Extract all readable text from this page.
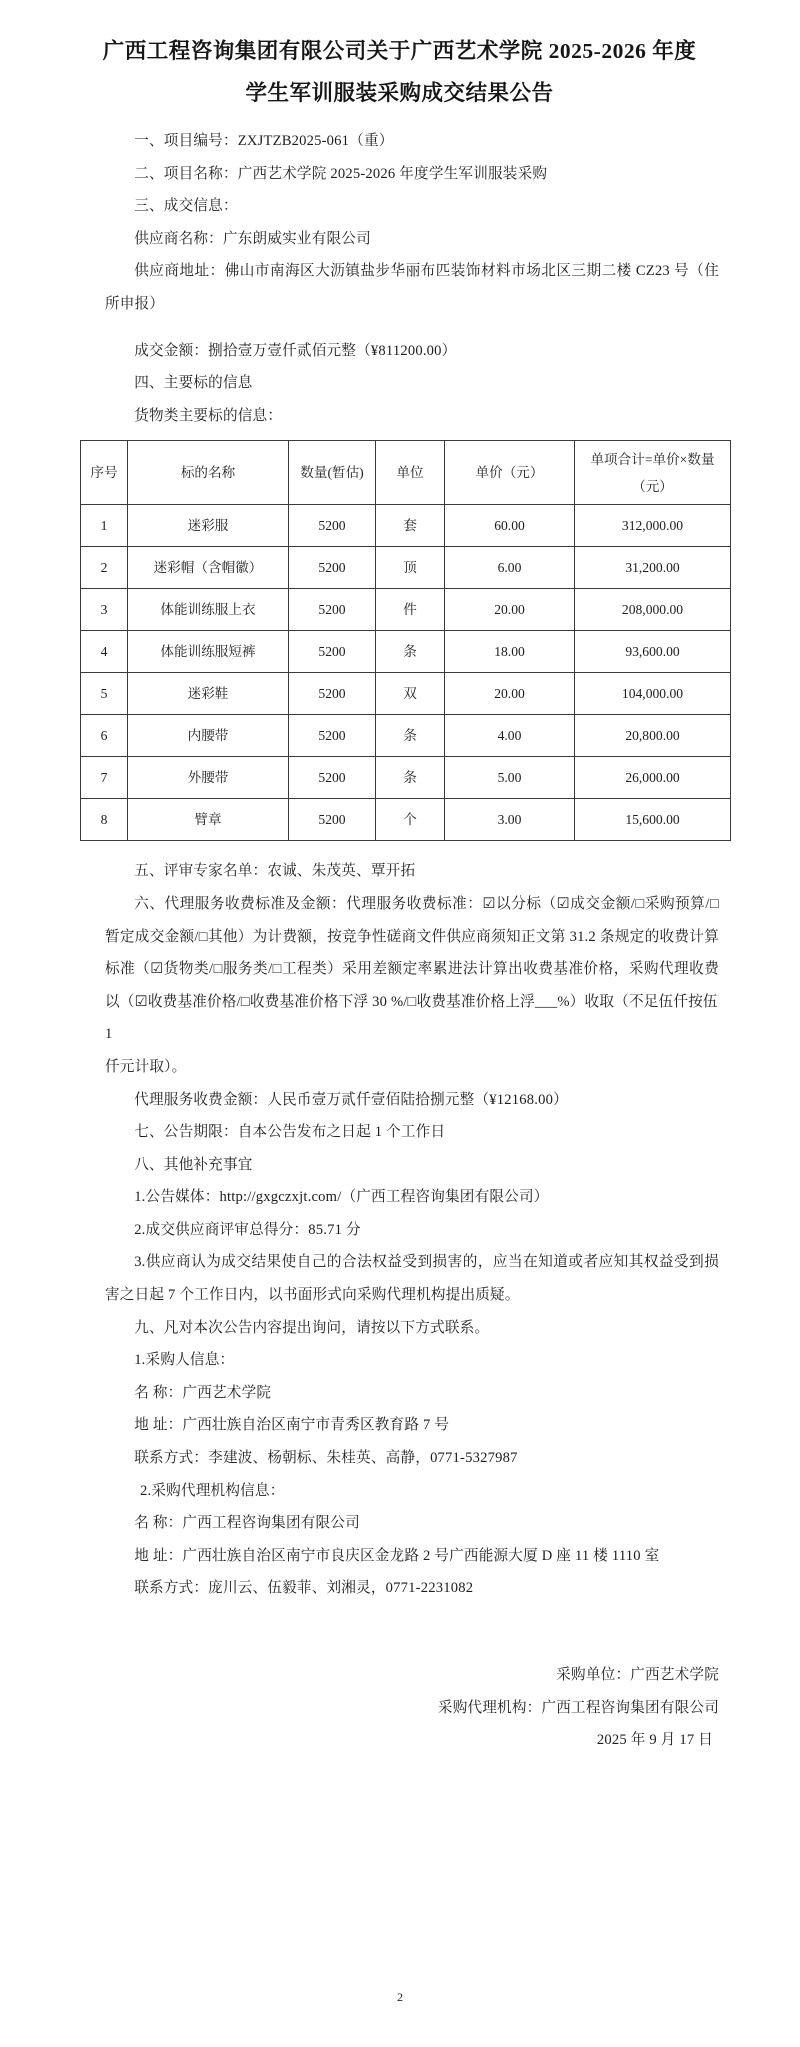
广西工程咨询集团有限公司关于广西艺术学院 2025-2026 年度
学生军训服装采购成交结果公告

一、项目编号：ZXJTZB2025-061（重）

二、项目名称：广西艺术学院 2025-2026 年度学生军训服装采购

三、成交信息：

供应商名称：广东朗威实业有限公司

供应商地址：佛山市南海区大沥镇盐步华丽布匹装饰材料市场北区三期二楼 CZ23 号（住所申报）

成交金额：捌拾壹万壹仟贰佰元整（¥811200.00）

四、主要标的信息

货物类主要标的信息：

序号	标的名称	数量(暂估)	单位	单价（元）	单项合计=单价×数量（元）
1	迷彩服	5200	套	60.00	312,000.00
2	迷彩帽（含帽徽）	5200	顶	6.00	31,200.00
3	体能训练服上衣	5200	件	20.00	208,000.00
4	体能训练服短裤	5200	条	18.00	93,600.00
5	迷彩鞋	5200	双	20.00	104,000.00
6	内腰带	5200	条	4.00	20,800.00
7	外腰带	5200	条	5.00	26,000.00
8	臂章	5200	个	3.00	15,600.00

五、评审专家名单：农诚、朱茂英、覃开拓

六、代理服务收费标准及金额：代理服务收费标准：☑以分标（☑成交金额/□采购预算/□暂定成交金额/□其他）为计费额，按竞争性磋商文件供应商须知正文第 31.2 条规定的收费计算标准（☑货物类/□服务类/□工程类）采用差额定率累进法计算出收费基准价格，采购代理收费以（☑收费基准价格/□收费基准价格下浮 30 %/□收费基准价格上浮___%）收取（不足伍仟按伍

1

仟元计取）。

代理服务收费金额：人民币壹万贰仟壹佰陆拾捌元整（¥12168.00）

七、公告期限：自本公告发布之日起 1 个工作日

八、其他补充事宜

1.公告媒体：http://gxgczxjt.com/（广西工程咨询集团有限公司）

2.成交供应商评审总得分：85.71 分

3.供应商认为成交结果使自己的合法权益受到损害的，应当在知道或者应知其权益受到损害之日起 7 个工作日内，以书面形式向采购代理机构提出质疑。

九、凡对本次公告内容提出询问，请按以下方式联系。

1.采购人信息：

名 称：广西艺术学院

地 址：广西壮族自治区南宁市青秀区教育路 7 号

联系方式：李建波、杨朝标、朱桂英、高静，0771-5327987

2.采购代理机构信息：

名 称：广西工程咨询集团有限公司

地 址：广西壮族自治区南宁市良庆区金龙路 2 号广西能源大厦 D 座 11 楼 1110 室

联系方式：庞川云、伍毅菲、刘湘灵，0771-2231082

采购单位：广西艺术学院

采购代理机构：广西工程咨询集团有限公司

2025 年 9 月 17 日

2
